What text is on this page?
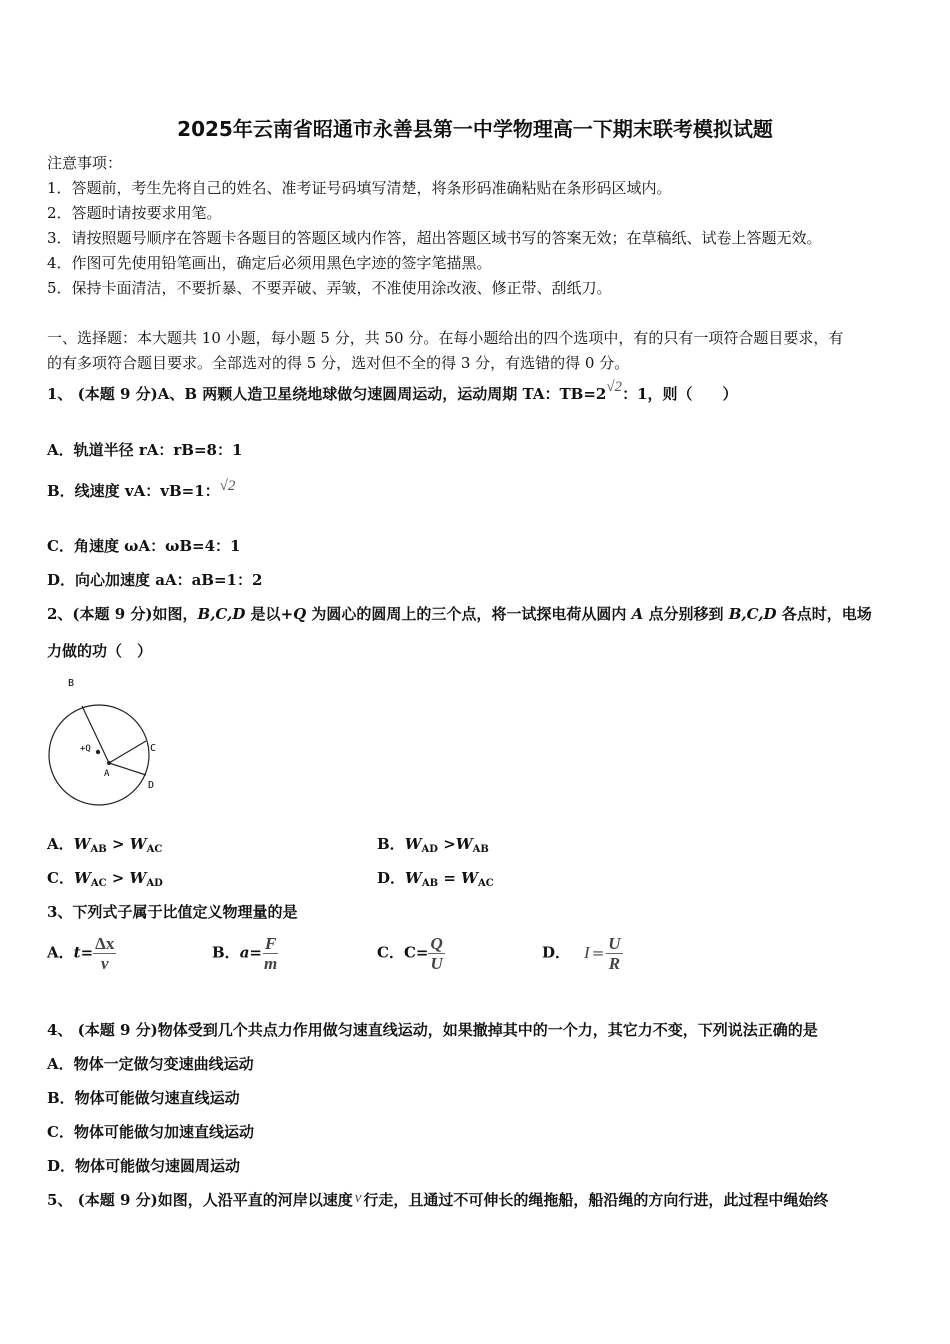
2025年云南省昭通市永善县第一中学物理高一下期末联考模拟试题
注意事项：
1．答题前，考生先将自己的姓名、准考证号码填写清楚，将条形码准确粘贴在条形码区域内。
2．答题时请按要求用笔。
3．请按照题号顺序在答题卡各题目的答题区域内作答，超出答题区域书写的答案无效；在草稿纸、试卷上答题无效。
4．作图可先使用铅笔画出，确定后必须用黑色字迹的签字笔描黑。
5．保持卡面清洁，不要折暴、不要弄破、弄皱，不准使用涂改液、修正带、刮纸刀。
一、选择题：本大题共 10 小题，每小题 5 分，共 50 分。在每小题给出的四个选项中，有的只有一项符合题目要求，有
的有多项符合题目要求。全部选对的得 5 分，选对但不全的得 3 分，有选错的得 0 分。
1、 (本题 9 分)A、B 两颗人造卫星绕地球做匀速圆周运动，运动周期 TA：TB=2√2：1，则（　　）
A．轨道半径 rA：rB=8：1
B．线速度 vA：vB=1：√2
C．角速度 ωA：ωB=4：1
D．向心加速度 aA：aB=1：2
2、(本题 9 分)如图，B,C,D 是以+Q 为圆心的圆周上的三个点，将一试探电荷从圆内 A 点分别移到 B,C,D 各点时，电场
力做的功（　）
B
C
D
+Q
A
A．$W_{AB} > W_{AC}$	B．$W_{AD} >W_{AB}$
C．$W_{AC} > W_{AD}$	D．$W_{AB} = W_{AC}$
3、下列式子属于比值定义物理量的是
A．$t= \frac{\Delta x}{v}$	B．$a= \frac{F}{m}$	C．$C= \frac{Q}{U}$	D． $I = \frac{U}{R}$
4、 (本题 9 分)物体受到几个共点力作用做匀速直线运动，如果撤掉其中的一个力，其它力不变，下列说法正确的是
A．物体一定做匀变速曲线运动
B．物体可能做匀速直线运动
C．物体可能做匀加速直线运动
D．物体可能做匀速圆周运动
5、 (本题 9 分)如图，人沿平直的河岸以速度 v 行走，且通过不可伸长的绳拖船，船沿绳的方向行进，此过程中绳始终
